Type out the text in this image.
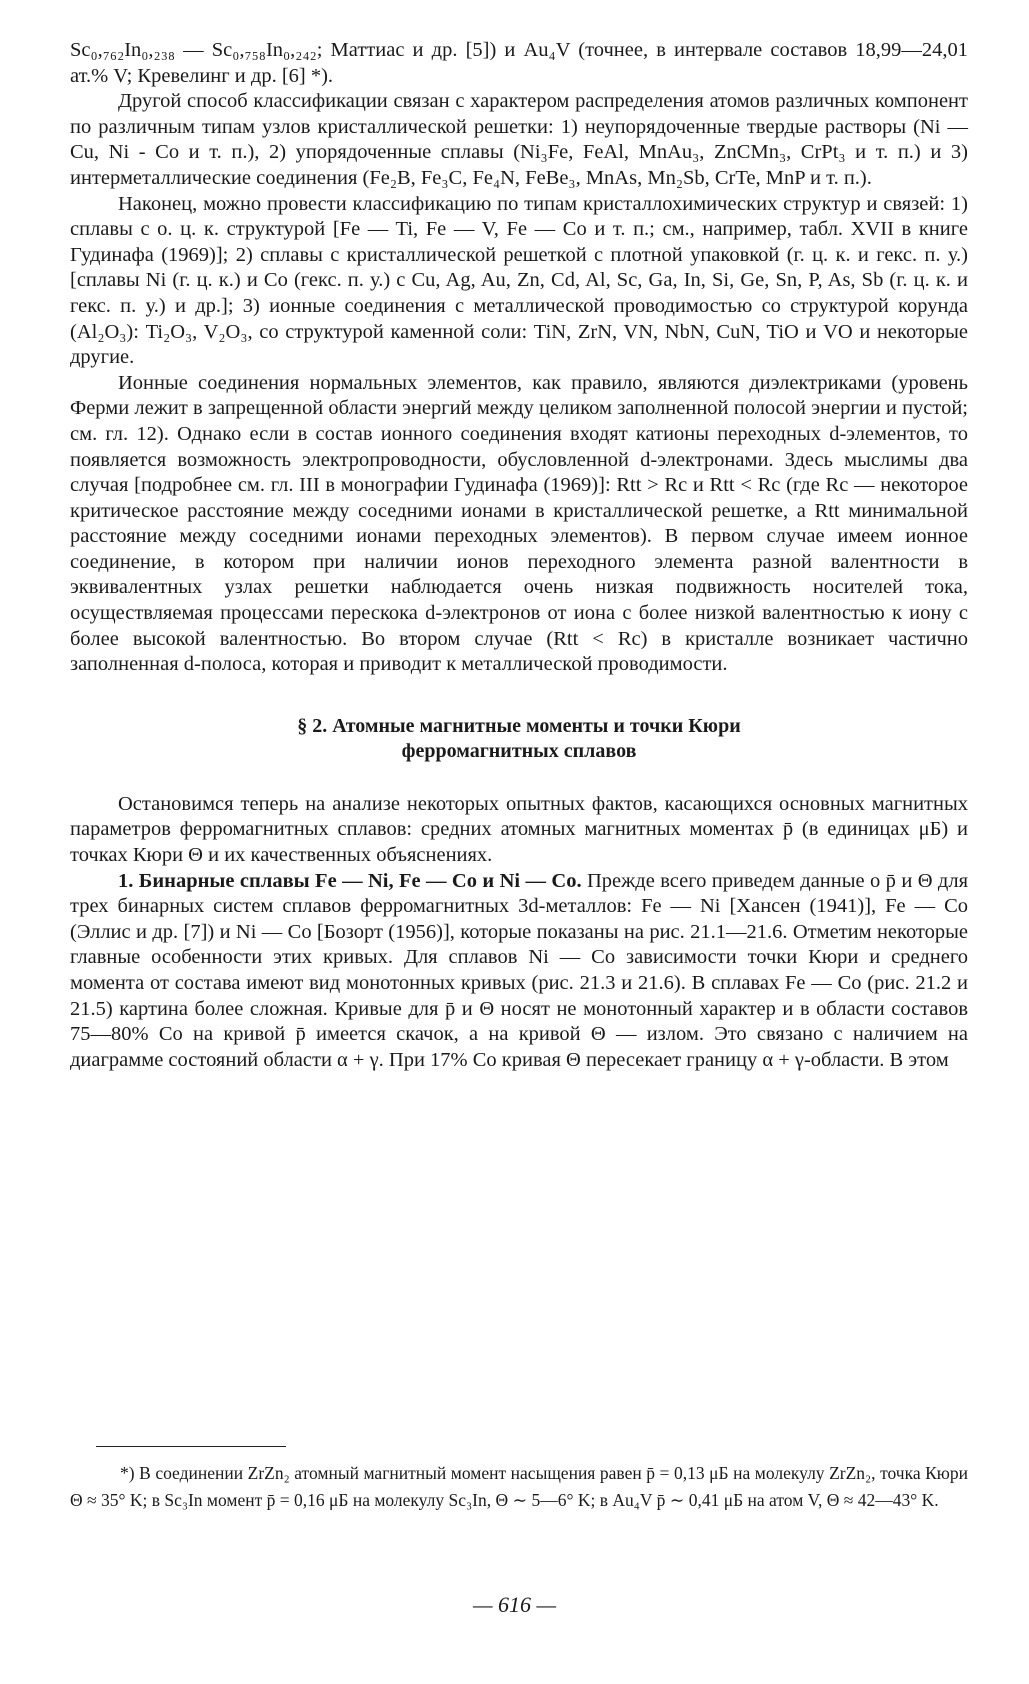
Sc₀,₇₆₂In₀,₂₃₈ — Sc₀,₇₅₈In₀,₂₄₂; Маттиас и др. [5]) и Au₄V (точнее, в интервале составов 18,99—24,01 ат.% V; Кревелинг и др. [6] *).

Другой способ классификации связан с характером распределения атомов различных компонент по различным типам узлов кристаллической решетки: 1) неупорядоченные твердые растворы (Ni — Cu, Ni - Co и т. п.), 2) упорядоченные сплавы (Ni₃Fe, FeAl, MnAu₃, ZnCMn₃, CrPt₃ и т. п.) и 3) интерметаллические соединения (Fe₂B, Fe₃C, Fe₄N, FeBe₃, MnAs, Mn₂Sb, CrTe, MnP и т. п.).

Наконец, можно провести классификацию по типам кристаллохимических структур и связей: 1) сплавы с о. ц. к. структурой [Fe — Ti, Fe — V, Fe — Co и т. п.; см., например, табл. XVII в книге Гудинафа (1969)]; 2) сплавы с кристаллической решеткой с плотной упаковкой (г. ц. к. и гекс. п. у.) [сплавы Ni (г. ц. к.) и Co (гекс. п. у.) с Cu, Ag, Au, Zn, Cd, Al, Sc, Ga, In, Si, Ge, Sn, P, As, Sb (г. ц. к. и гекс. п. у.) и др.]; 3) ионные соединения с металлической проводимостью со структурой корунда (Al₂O₃): Ti₂O₃, V₂O₃, со структурой каменной соли: TiN, ZrN, VN, NbN, CuN, TiO и VO и некоторые другие.

Ионные соединения нормальных элементов, как правило, являются диэлектриками (уровень Ферми лежит в запрещенной области энергий между целиком заполненной полосой энергии и пустой; см. гл. 12). Однако если в состав ионного соединения входят катионы переходных d-элементов, то появляется возможность электропроводности, обусловленной d-электронами. Здесь мыслимы два случая [подробнее см. гл. III в монографии Гудинафа (1969)]: Rtt > Rc и Rtt < Rc (где Rc — некоторое критическое расстояние между соседними ионами в кристаллической решетке, а Rtt минимальной расстояние между соседними ионами переходных элементов). В первом случае имеем ионное соединение, в котором при наличии ионов переходного элемента разной валентности в эквивалентных узлах решетки наблюдается очень низкая подвижность носителей тока, осуществляемая процессами перескока d-электронов от иона с более низкой валентностью к иону с более высокой валентностью. Во втором случае (Rtt < Rc) в кристалле возникает частично заполненная d-полоса, которая и приводит к металлической проводимости.

§ 2. Атомные магнитные моменты и точки Кюри
ферромагнитных сплавов

Остановимся теперь на анализе некоторых опытных фактов, касающихся основных магнитных параметров ферромагнитных сплавов: средних атомных магнитных моментах p̄ (в единицах μБ) и точках Кюри Θ и их качественных объяснениях.

1. Бинарные сплавы Fe — Ni, Fe — Co и Ni — Co. Прежде всего приведем данные о p̄ и Θ для трех бинарных систем сплавов ферромагнитных 3d-металлов: Fe — Ni [Хансен (1941)], Fe — Co (Эллис и др. [7]) и Ni — Co [Бозорт (1956)], которые показаны на рис. 21.1—21.6. Отметим некоторые главные особенности этих кривых. Для сплавов Ni — Co зависимости точки Кюри и среднего момента от состава имеют вид монотонных кривых (рис. 21.3 и 21.6). В сплавах Fe — Co (рис. 21.2 и 21.5) картина более сложная. Кривые для p̄ и Θ носят не монотонный характер и в области составов 75—80% Co на кривой p̄ имеется скачок, а на кривой Θ — излом. Это связано с наличием на диаграмме состояний области α + γ. При 17% Co кривая Θ пересекает границу α + γ-области. В этом

*) В соединении ZrZn₂ атомный магнитный момент насыщения равен p̄ = 0,13 μБ на молекулу ZrZn₂, точка Кюри Θ ≈ 35° K; в Sc₃In момент p̄ = 0,16 μБ на молекулу Sc₃In, Θ ∼ 5—6° K; в Au₄V p̄ ∼ 0,41 μБ на атом V, Θ ≈ 42—43° K.

— 616 —
